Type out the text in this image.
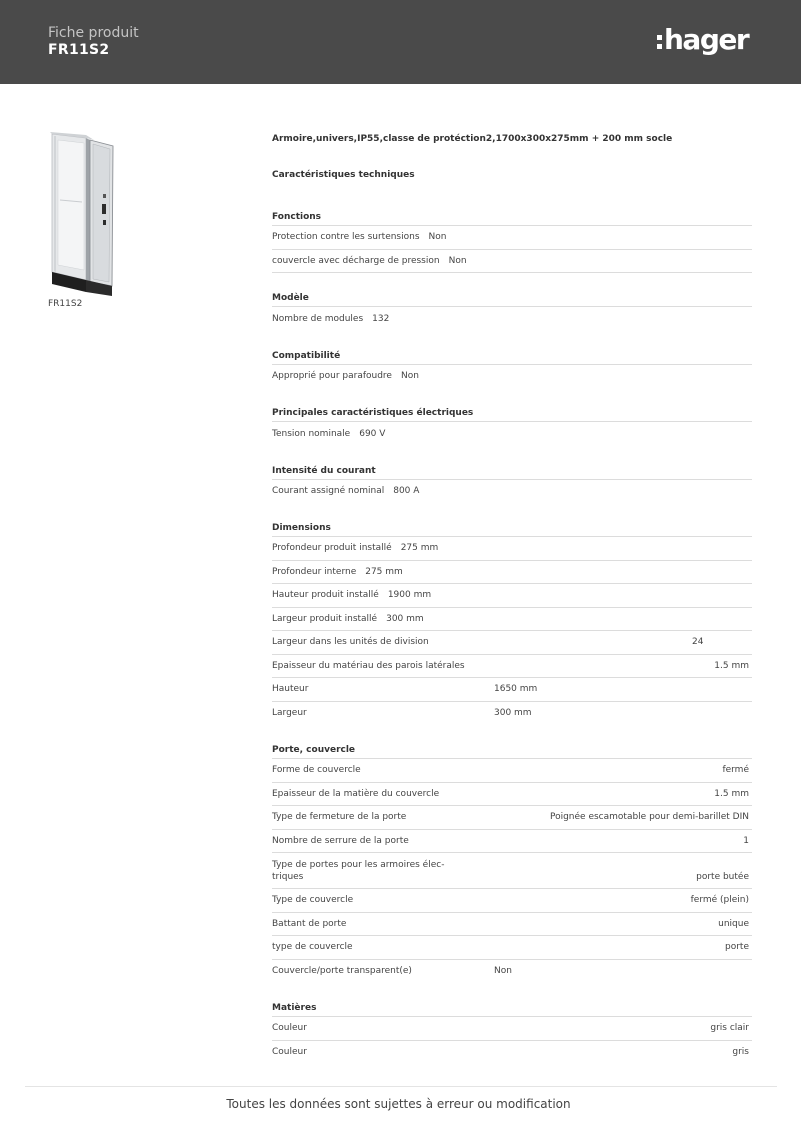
Fiche produit
FR11S2	hager
FR11S2
Armoire,univers,IP55,classe de protéction2,1700x300x275mm + 200 mm socle
Caractéristiques techniques
Fonctions
Protection contre les surtensions Non
couvercle avec décharge de pression Non
Modèle
Nombre de modules 132
Compatibilité
Approprié pour parafoudre Non
Principales caractéristiques électriques
Tension nominale 690 V
Intensité du courant
Courant assigné nominal 800 A
Dimensions
Profondeur produit installé 275 mm
Profondeur interne 275 mm
Hauteur produit installé 1900 mm
Largeur produit installé 300 mm
Largeur dans les unités de division	24
Epaisseur du matériau des parois latérales	1.5 mm
Hauteur	1650 mm
Largeur	300 mm
Porte, couvercle
Forme de couvercle	fermé
Epaisseur de la matière du couvercle	1.5 mm
Type de fermeture de la porte	Poignée escamotable pour demi-barillet DIN
Nombre de serrure de la porte	1
Type de portes pour les armoires élec-triques	porte butée
Type de couvercle	fermé (plein)
Battant de porte	unique
type de couvercle	porte
Couvercle/porte transparent(e)	Non
Matières
Couleur	gris clair
Couleur	gris
Toutes les données sont sujettes à erreur ou modification
